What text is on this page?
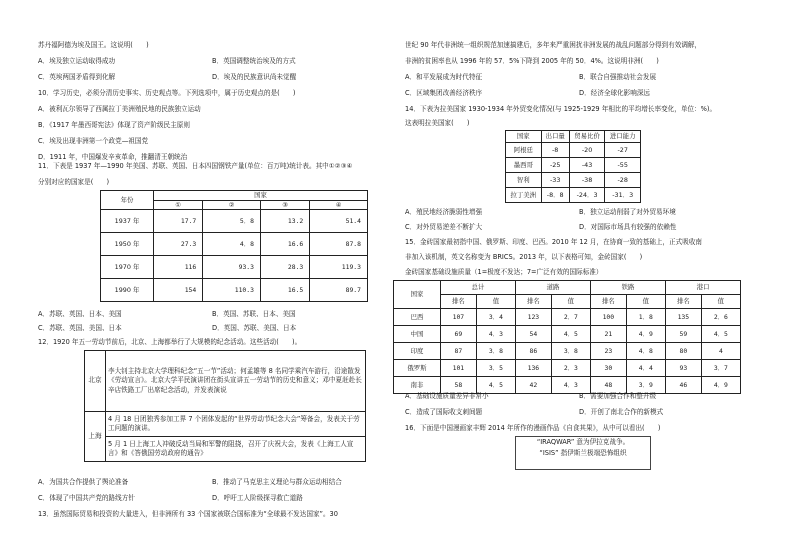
苏丹福阿德为埃及国王。这说明(　　)
A．埃及独立运动取得成功	B．英国调整统治埃及的方式
C．英埃两国矛盾得到化解	D．埃及的民族意识尚未觉醒
10．学习历史，必须分清历史事实、历史观点等。下列选项中，属于历史观点的是(　　)
A．被利瓦尔领导了西属拉丁美洲殖民地的民族独立运动
B．《1917 年墨西哥宪法》体现了资产阶级民主原则
C．埃及出现非洲第一个政党—祖国党
D．1911 年，中国爆发辛亥革命，推翻清王朝统治
11．下表是 1937 年—1990 年美国、苏联、英国、日本四国钢铁产量(单位：百万吨)统计表。其中①②③④
分别对应的国家是(　　)
年份	国家			
	①	②	③	④
1937 年	17.7	5．8	13.2	51.4
1950 年	27.3	4．8	16.6	87.8
1970 年	116	93.3	28.3	119.3
1990 年	154	110.3	16.5	89.7
A．苏联、英国、日本、美国	B．英国、苏联、日本、美国
C．苏联、英国、美国、日本	D．英国、苏联、美国、日本
12．1920 年五一劳动节前后，北京、上海都举行了大规模的纪念活动。这些活动(　　)。
北京	李大钊主持北京大学理科纪念“五一节”活动；何孟雄等 8 名同学乘汽车游行，沿途散发《劳动宣言》。北京大学平民演讲团在街头宣讲五一劳动节的历史和意义；邓中夏赶赴长辛店铁路工厂出席纪念活动，并发表演说
上海	4 月 18 日团独秀参加工界 7 个团体发起的“世界劳动节纪念大会”筹备会，发表关于劳工问题的演讲。
	5 月 1 日上海工人冲破反动当局和军警的阻挠，召开了庆祝大会，发表《上海工人宣言》和《答俄国劳动政府的通告》
A．为国共合作提供了舆论准备	B．推动了马克思主义理论与群众运动相结合
C．体现了中国共产党的路线方针	D．呼吁工人阶级探寻救亡道路
13．虽然国际贸易和投资的大量进入，但非洲所有 33 个国家被联合国标准为“全球最不发达国家”。30
世纪 90 年代非洲统一组织规范加速搞建后，多年来严重困扰非洲发展的战乱问题部分得到有效调解，
非洲的贫困率也从 1996 年的 57．5%下降到 2005 年的 50．4%。这说明非洲(　　)
A．和平发展成为时代特征	B．联合自强推动社会发展
C．区域集团改善经济秩序	D．经济全球化影响深远
14．下表为拉美国家 1930-1934 年外贸变化情况(与 1925-1929 年相比的平均增长率变化，单位：%)。
这表明拉美国家(　　)
国家	出口量	贸易比价	进口能力
阿根廷	-8	-20	-27
墨西哥	-25	-43	-55
智利	-33	-38	-28
拉丁美洲	-8．8	-24．3	-31．3
A．殖民地经济脆弱性增强	B．独立运动削弱了对外贸易环境
C．对外贸易逆差不断扩大	D．对国际市场具有较强的依赖性
15．金砖国家最初指中国、俄罗斯、印度、巴西。2010 年 12 月，在协商一致的基础上，正式吸收南
非加入该机制，英文名称变为 BRICS。2013 年，以下表格可知，金砖国家(　　)
金砖国家基础设施质量（1=极度不发达；7=广泛有效的国际标准）
国家	总计		道路		铁路		港口	
	排名	值	排名	值	排名	值	排名	值
巴西	107	3．4	123	2．7	100	1．8	135	2．6
中国	69	4．3	54	4．5	21	4．9	59	4．5
印度	87	3．8	86	3．8	23	4．8	80	4
俄罗斯	101	3．5	136	2．3	30	4．4	93	3．7
南非	58	4．5	42	4．3	48	3．9	46	4．9
A．基础设施质量差异非常小	B．需要加强合作和整升级
C．造成了国际收支刺间题	D．开创了南北合作的新模式
16．下面是中国漫画家丰辉 2014 年所作的漫画作品《自食其果》，从中可以看出(　　)
“IRAQWAR” 意为伊拉克战争。
“ISIS” 指伊斯兰极端恐怖组织
